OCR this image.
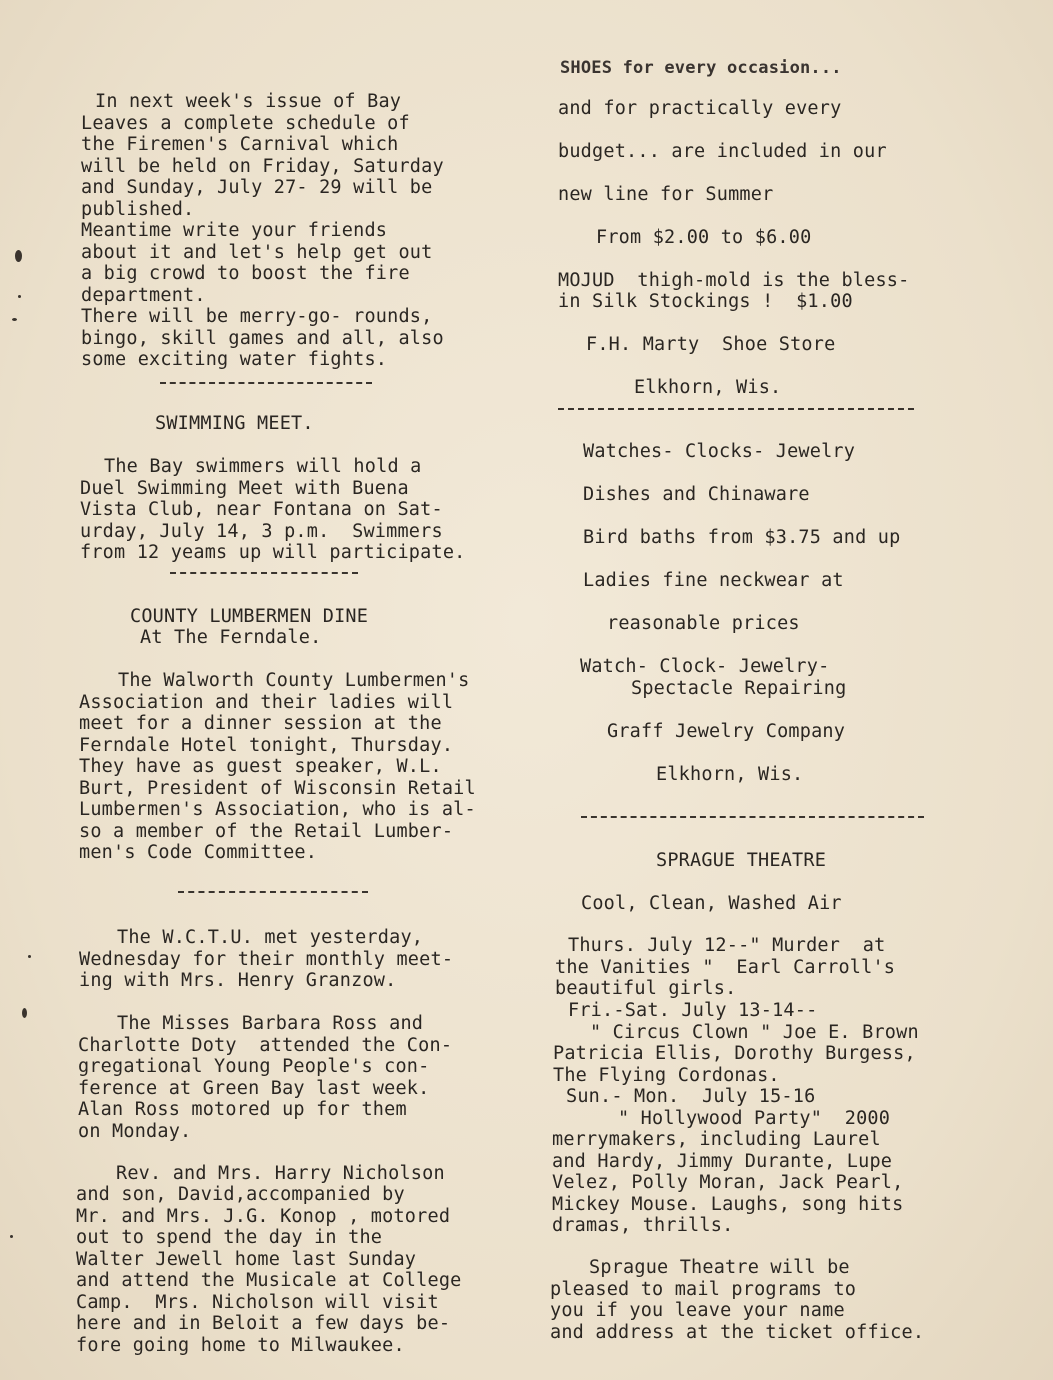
In next week's issue of Bay
Leaves a complete schedule of
the Firemen's Carnival which
will be held on Friday, Saturday
and Sunday, July 27- 29 will be
published.
Meantime write your friends
about it and let's help get out
a big crowd to boost the fire
department.
There will be merry-go- rounds,
bingo, skill games and all, also
some exciting water fights.
SWIMMING MEET.
The Bay swimmers will hold a
Duel Swimming Meet with Buena
Vista Club, near Fontana on Sat-
urday, July 14, 3 p.m.  Swimmers
from 12 yeams up will participate.
COUNTY LUMBERMEN DINE
At The Ferndale.
The Walworth County Lumbermen's
Association and their ladies will
meet for a dinner session at the
Ferndale Hotel tonight, Thursday.
They have as guest speaker, W.L.
Burt, President of Wisconsin Retail
Lumbermen's Association, who is al-
so a member of the Retail Lumber-
men's Code Committee.
The W.C.T.U. met yesterday,
Wednesday for their monthly meet-
ing with Mrs. Henry Granzow.
The Misses Barbara Ross and
Charlotte Doty  attended the Con-
gregational Young People's con-
ference at Green Bay last week.
Alan Ross motored up for them
on Monday.
Rev. and Mrs. Harry Nicholson
and son, David,accompanied by
Mr. and Mrs. J.G. Konop , motored
out to spend the day in the
Walter Jewell home last Sunday
and attend the Musicale at College
Camp.  Mrs. Nicholson will visit
here and in Beloit a few days be-
fore going home to Milwaukee.
SHOES for every occasion...
and for practically every
budget... are included in our
new line for Summer
From $2.00 to $6.00
MOJUD  thigh-mold is the bless-
in Silk Stockings !  $1.00
F.H. Marty  Shoe Store
Elkhorn, Wis.
Watches- Clocks- Jewelry
Dishes and Chinaware
Bird baths from $3.75 and up
Ladies fine neckwear at
reasonable prices
Watch- Clock- Jewelry-
Spectacle Repairing
Graff Jewelry Company
Elkhorn, Wis.
SPRAGUE THEATRE
Cool, Clean, Washed Air
Thurs. July 12--" Murder  at
the Vanities "  Earl Carroll's
beautiful girls.
Fri.-Sat. July 13-14--
" Circus Clown " Joe E. Brown
Patricia Ellis, Dorothy Burgess,
The Flying Cordonas.
Sun.- Mon.  July 15-16
" Hollywood Party"  2000
merrymakers, including Laurel
and Hardy, Jimmy Durante, Lupe
Velez, Polly Moran, Jack Pearl,
Mickey Mouse. Laughs, song hits
dramas, thrills.
Sprague Theatre will be
pleased to mail programs to
you if you leave your name
and address at the ticket office.
